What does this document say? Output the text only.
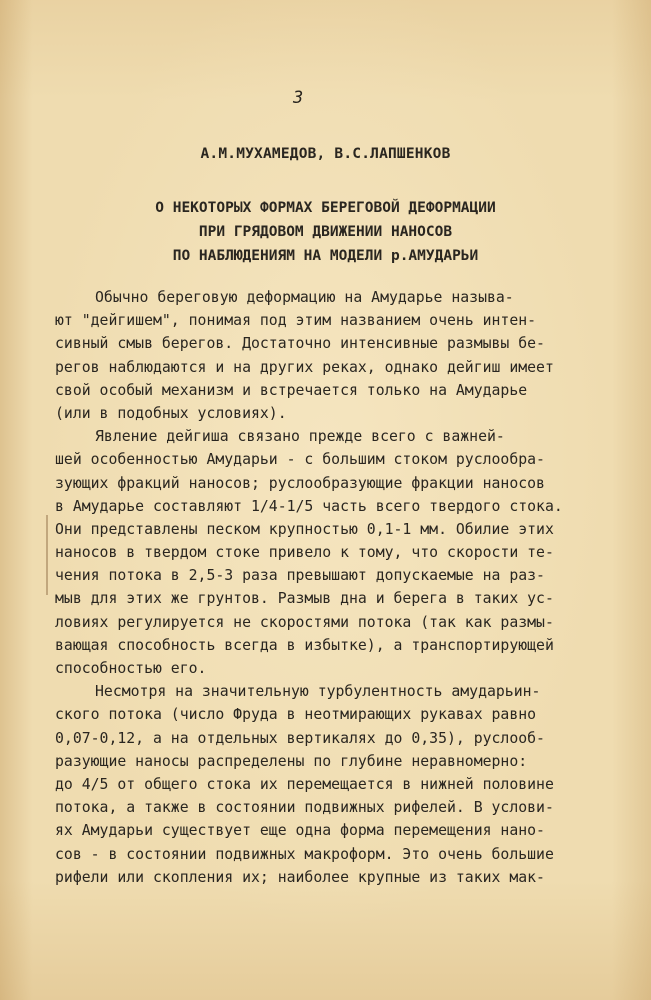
3
А.М.МУХАМЕДОВ, В.С.ЛАПШЕНКОВ
О НЕКОТОРЫХ ФОРМАХ БЕРЕГОВОЙ ДЕФОРМАЦИИ
ПРИ ГРЯДОВОМ ДВИЖЕНИИ НАНОСОВ
ПО НАБЛЮДЕНИЯМ НА МОДЕЛИ р.АМУДАРЬИ
Обычно береговую деформацию на Амударье называ-
ют "дейгишем", понимая под этим названием очень интен-
сивный смыв берегов. Достаточно интенсивные размывы бе-
регов наблюдаются и на других реках, однако дейгиш имеет
свой особый механизм и встречается только на Амударье
(или в подобных условиях).
Явление дейгиша связано прежде всего с важней-
шей особенностью Амударьи - с большим стоком руслообра-
зующих фракций наносов; руслообразующие фракции наносов
в Амударье составляют 1/4-1/5 часть всего твердого стока.
Они представлены песком крупностью 0,1-1 мм. Обилие этих
наносов в твердом стоке привело к тому, что скорости те-
чения потока в 2,5-3 раза превышают допускаемые на раз-
мыв для этих же грунтов. Размыв дна и берега в таких ус-
ловиях регулируется не скоростями потока (так как размы-
вающая способность всегда в избытке), а транспортирующей
способностью его.
Несмотря на значительную турбулентность амударьин-
ского потока (число Фруда в неотмирающих рукавах равно
0,07-0,12, а на отдельных вертикалях до 0,35), руслооб-
разующие наносы распределены по глубине неравномерно:
до 4/5 от общего стока их перемещается в нижней половине
потока, а также в состоянии подвижных рифелей. В услови-
ях Амударьи существует еще одна форма перемещения нано-
сов - в состоянии подвижных макроформ. Это очень большие
рифели или скопления их; наиболее крупные из таких мак-
